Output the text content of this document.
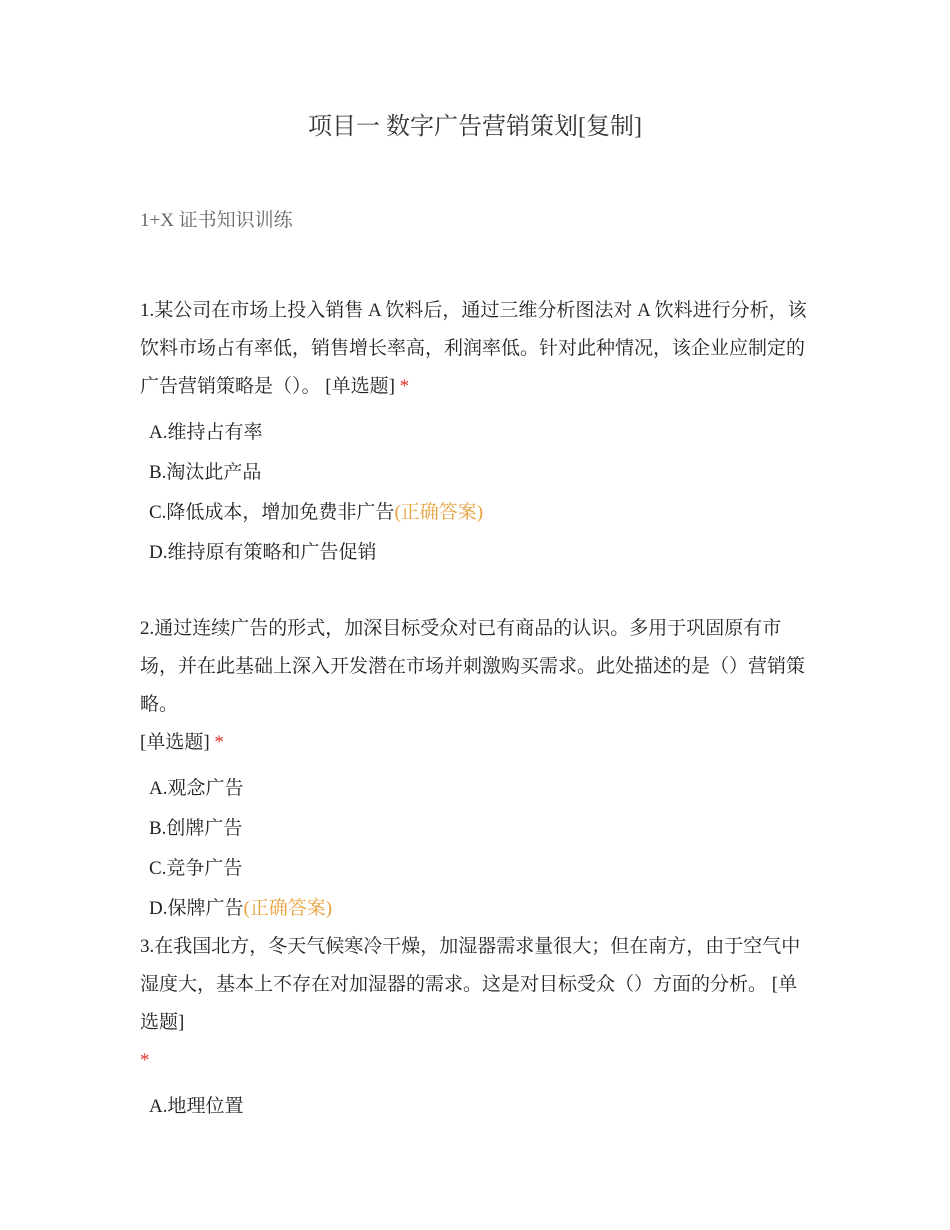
项目一 数字广告营销策划[复制]
1+X 证书知识训练

1.某公司在市场上投入销售 A 饮料后，通过三维分析图法对 A 饮料进行分析，该饮料市场占有率低，销售增长率高，利润率低。针对此种情况，该企业应制定的广告营销策略是（）。 [单选题] *

A.维持占有率
B.淘汰此产品
C.降低成本，增加免费非广告(正确答案)
D.维持原有策略和广告促销

2.通过连续广告的形式，加深目标受众对已有商品的认识。多用于巩固原有市场，并在此基础上深入开发潜在市场并刺激购买需求。此处描述的是（）营销策略。
[单选题] *

A.观念广告
B.创牌广告
C.竞争广告
D.保牌广告(正确答案)

3.在我国北方，冬天气候寒冷干燥，加湿器需求量很大；但在南方，由于空气中湿度大，基本上不存在对加湿器的需求。这是对目标受众（）方面的分析。 [单选题]
*

A.地理位置
